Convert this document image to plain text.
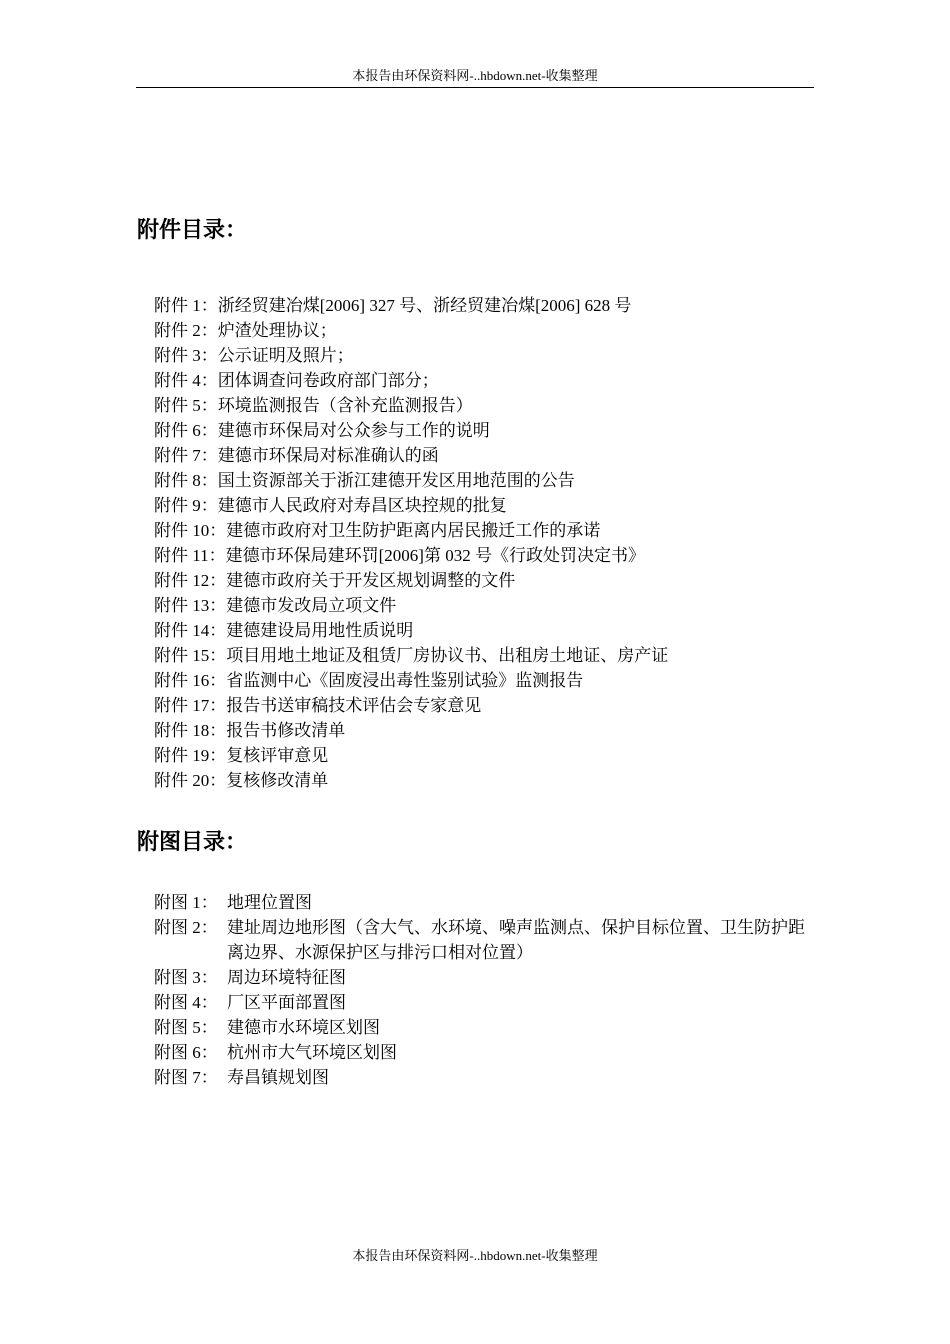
本报告由环保资料网-..hbdown.net-收集整理
附件目录：
附件 1： 浙经贸建冶煤[2006] 327 号、浙经贸建冶煤[2006] 628 号
附件 2： 炉渣处理协议；
附件 3： 公示证明及照片；
附件 4： 团体调查问卷政府部门部分；
附件 5： 环境监测报告（含补充监测报告）
附件 6： 建德市环保局对公众参与工作的说明
附件 7： 建德市环保局对标准确认的函
附件 8： 国土资源部关于浙江建德开发区用地范围的公告
附件 9： 建德市人民政府对寿昌区块控规的批复
附件 10： 建德市政府对卫生防护距离内居民搬迁工作的承诺
附件 11： 建德市环保局建环罚[2006]第 032 号《行政处罚决定书》
附件 12： 建德市政府关于开发区规划调整的文件
附件 13： 建德市发改局立项文件
附件 14： 建德建设局用地性质说明
附件 15： 项目用地土地证及租赁厂房协议书、出租房土地证、房产证
附件 16： 省监测中心《固废浸出毒性鉴别试验》监测报告
附件 17： 报告书送审稿技术评估会专家意见
附件 18： 报告书修改清单
附件 19： 复核评审意见
附件 20： 复核修改清单
附图目录：
附图 1： 地理位置图
附图 2： 建址周边地形图（含大气、水环境、噪声监测点、保护目标位置、卫生防护距离边界、水源保护区与排污口相对位置）
附图 3： 周边环境特征图
附图 4： 厂区平面部置图
附图 5： 建德市水环境区划图
附图 6： 杭州市大气环境区划图
附图 7： 寿昌镇规划图
本报告由环保资料网-..hbdown.net-收集整理
